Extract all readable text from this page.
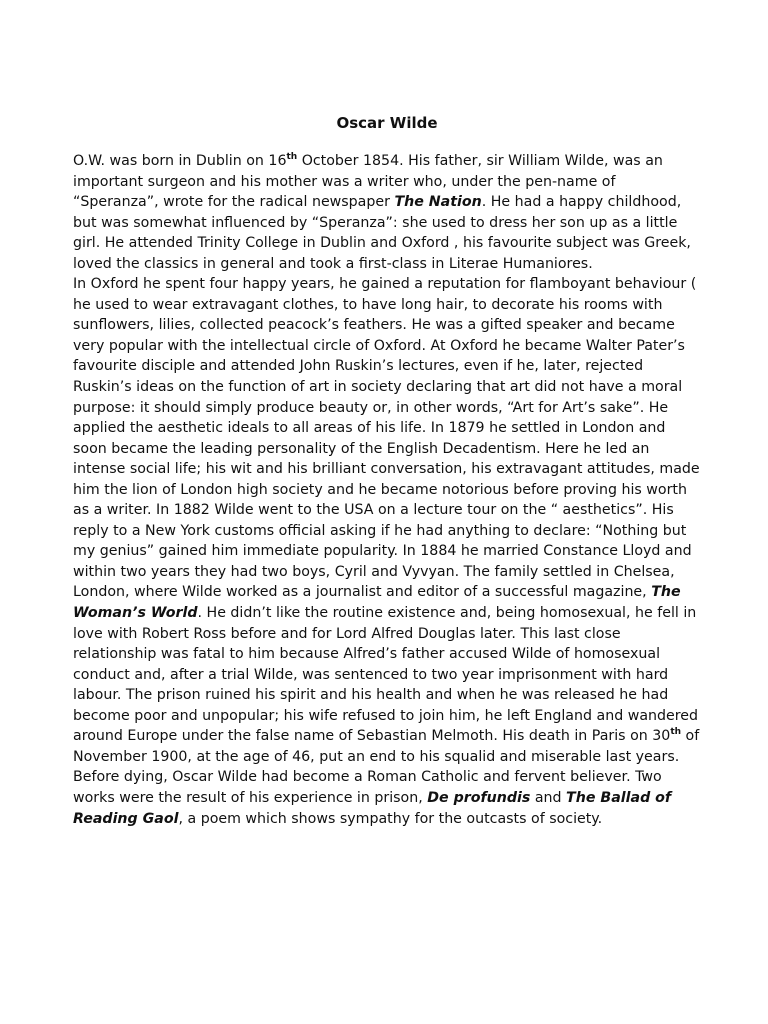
Oscar Wilde

O.W. was born in Dublin on 16th October 1854. His father, sir William Wilde, was an important surgeon and his mother was a writer who, under the pen-name of “Speranza”, wrote for the radical newspaper The Nation. He had a happy childhood, but was somewhat influenced by “Speranza”: she used to dress her son up as a little girl. He attended Trinity College in Dublin and Oxford , his favourite subject was Greek, loved the classics in general and took a first-class in Literae Humaniores.
In Oxford he spent four happy years, he gained a reputation for flamboyant behaviour ( he used to wear extravagant clothes, to have long hair, to decorate his rooms with sunflowers, lilies, collected peacock’s feathers. He was a gifted speaker and became very popular with the intellectual circle of Oxford. At Oxford he became Walter Pater’s favourite disciple and attended John Ruskin’s lectures, even if he, later, rejected Ruskin’s ideas on the function of art in society declaring that art did not have a moral purpose: it should simply produce beauty or, in other words, “Art for Art’s sake”. He applied the aesthetic ideals to all areas of his life. In 1879 he settled in London and soon became the leading personality of the English Decadentism. Here he led an intense social life; his wit and his brilliant conversation, his extravagant attitudes, made him the lion of London high society and he became notorious before proving his worth as a writer. In 1882 Wilde went to the USA on a lecture tour on the “ aesthetics”. His reply to a New York customs official asking if he had anything to declare: “Nothing but my genius” gained him immediate popularity. In 1884 he married Constance Lloyd and within two years they had two boys, Cyril and Vyvyan. The family settled in Chelsea, London, where Wilde worked as a journalist and editor of a successful magazine, The Woman’s World. He didn’t like the routine existence and, being homosexual, he fell in love with Robert Ross before and for Lord Alfred Douglas later. This last close relationship was fatal to him because Alfred’s father accused Wilde of homosexual conduct and, after a trial Wilde, was sentenced to two year imprisonment with hard labour. The prison ruined his spirit and his health and when he was released he had become poor and unpopular; his wife refused to join him, he left England and wandered around Europe under the false name of Sebastian Melmoth. His death in Paris on 30th of November 1900, at the age of 46, put an end to his squalid and miserable last years. Before dying, Oscar Wilde had become a Roman Catholic and fervent believer. Two works were the result of his experience in prison, De profundis and The Ballad of Reading Gaol, a poem which shows sympathy for the outcasts of society.
